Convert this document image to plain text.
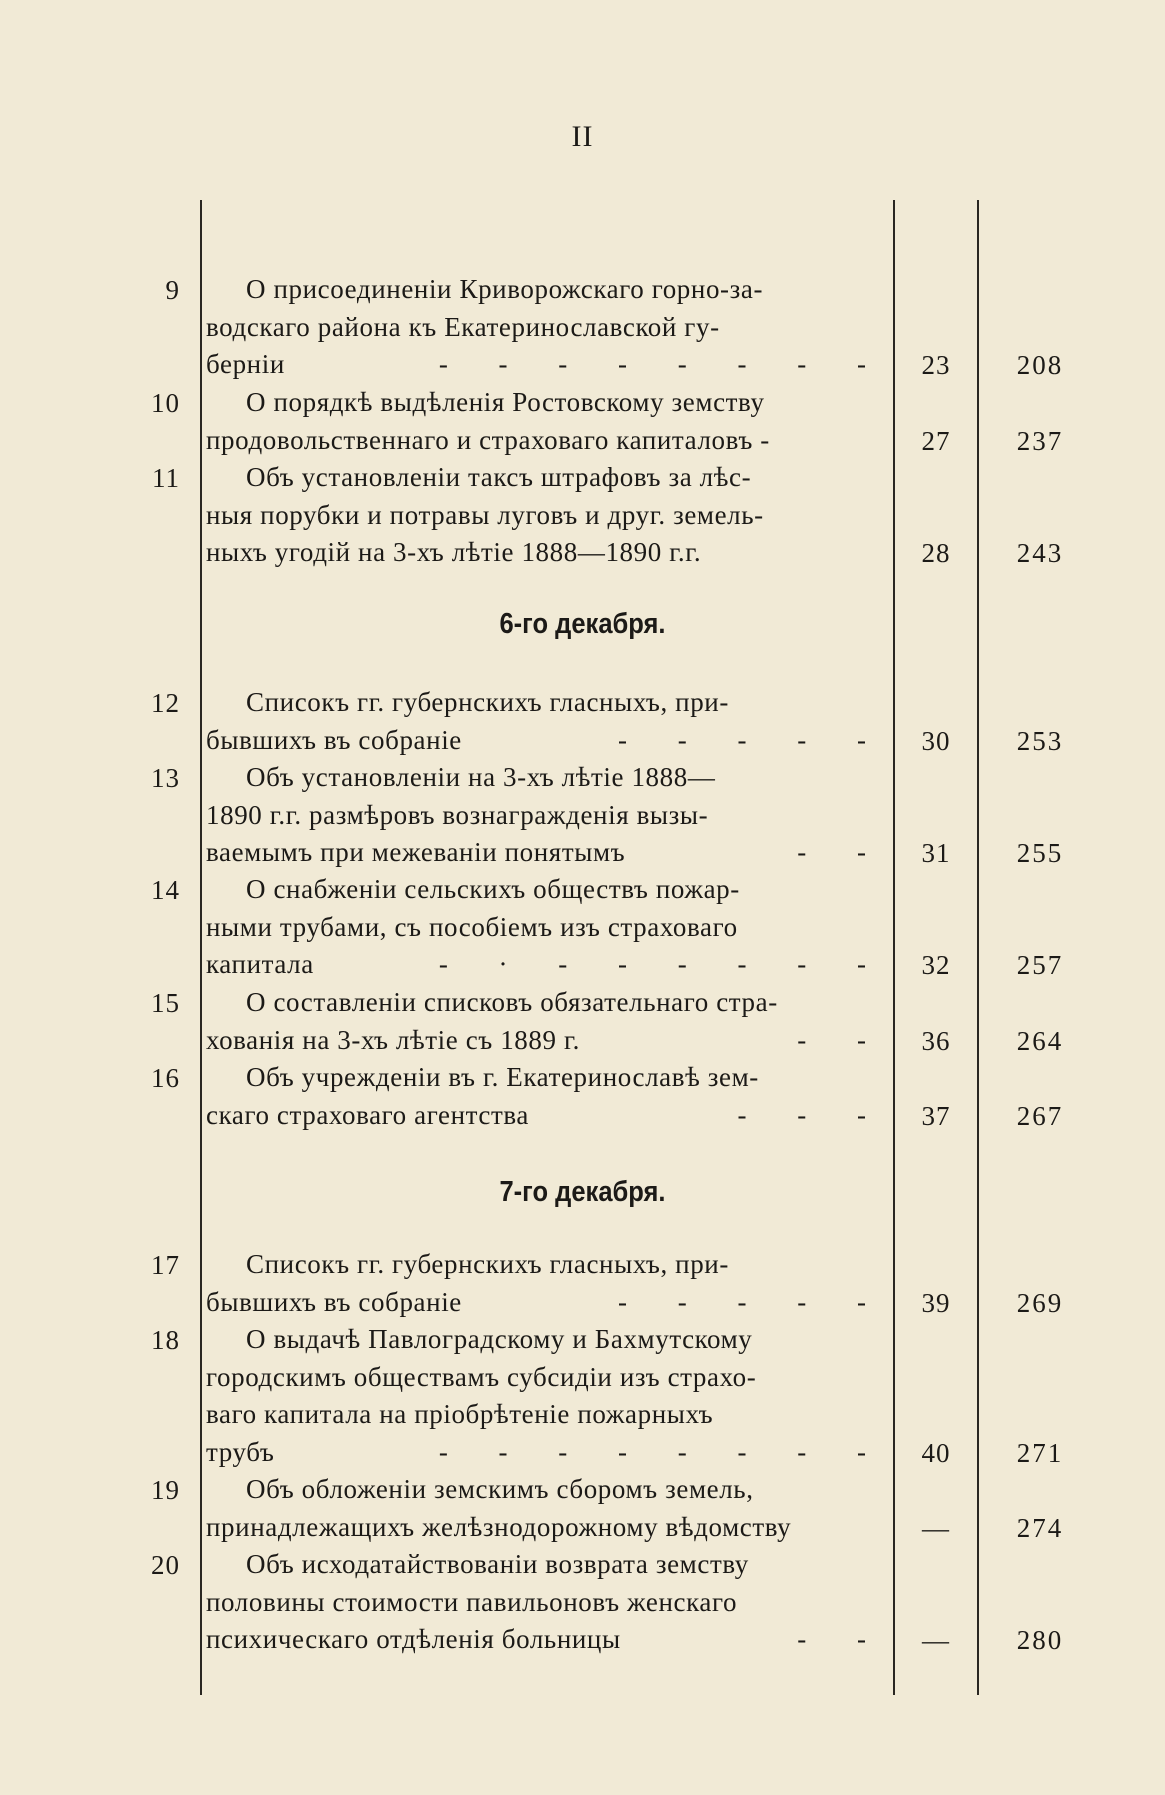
II
9	О присоединеніи Криворожскаго горно-за-
водскаго района къ Екатеринославской гу-
берніи	- - - - - - - -	23	208
10	О порядкѣ выдѣленія Ростовскому земству
продовольственнаго и страховаго капиталовъ -	27	237
11	Объ установленіи таксъ штрафовъ за лѣс-
ныя порубки и потравы луговъ и друг. земель-
ныхъ угодій на 3-хъ лѣтіе 1888—1890 г.г.	28	243
12	Списокъ гг. губернскихъ гласныхъ, при-
бывшихъ въ собраніе	- - - - -	30	253
13	Объ установленіи на 3-хъ лѣтіе 1888—
1890 г.г. размѣровъ вознагражденія вызы-
ваемымъ при межеваніи понятымъ	- -	31	255
14	О снабженіи сельскихъ обществъ пожар-
ными трубами, съ пособіемъ изъ страховаго
капитала	- · - - - - - -	32	257
15	О составленіи списковъ обязательнаго стра-
хованія на 3-хъ лѣтіе съ 1889 г.	- -	36	264
16	Объ учрежденіи въ г. Екатеринославѣ зем-
скаго страховаго агентства	- - -	37	267
17	Списокъ гг. губернскихъ гласныхъ, при-
бывшихъ въ собраніе	- - - - -	39	269
18	О выдачѣ Павлоградскому и Бахмутскому
городскимъ обществамъ субсидіи изъ страхо-
ваго капитала на пріобрѣтеніе пожарныхъ
трубъ	- - - - - - - -	40	271
19	Объ обложеніи земскимъ сборомъ земель,
принадлежащихъ желѣзнодорожному вѣдомству	—	274
20	Объ исходатайствованіи возврата земству
половины стоимости павильоновъ женскаго
психическаго отдѣленія больницы	- -	—	280
6-го декабря.
7-го декабря.
